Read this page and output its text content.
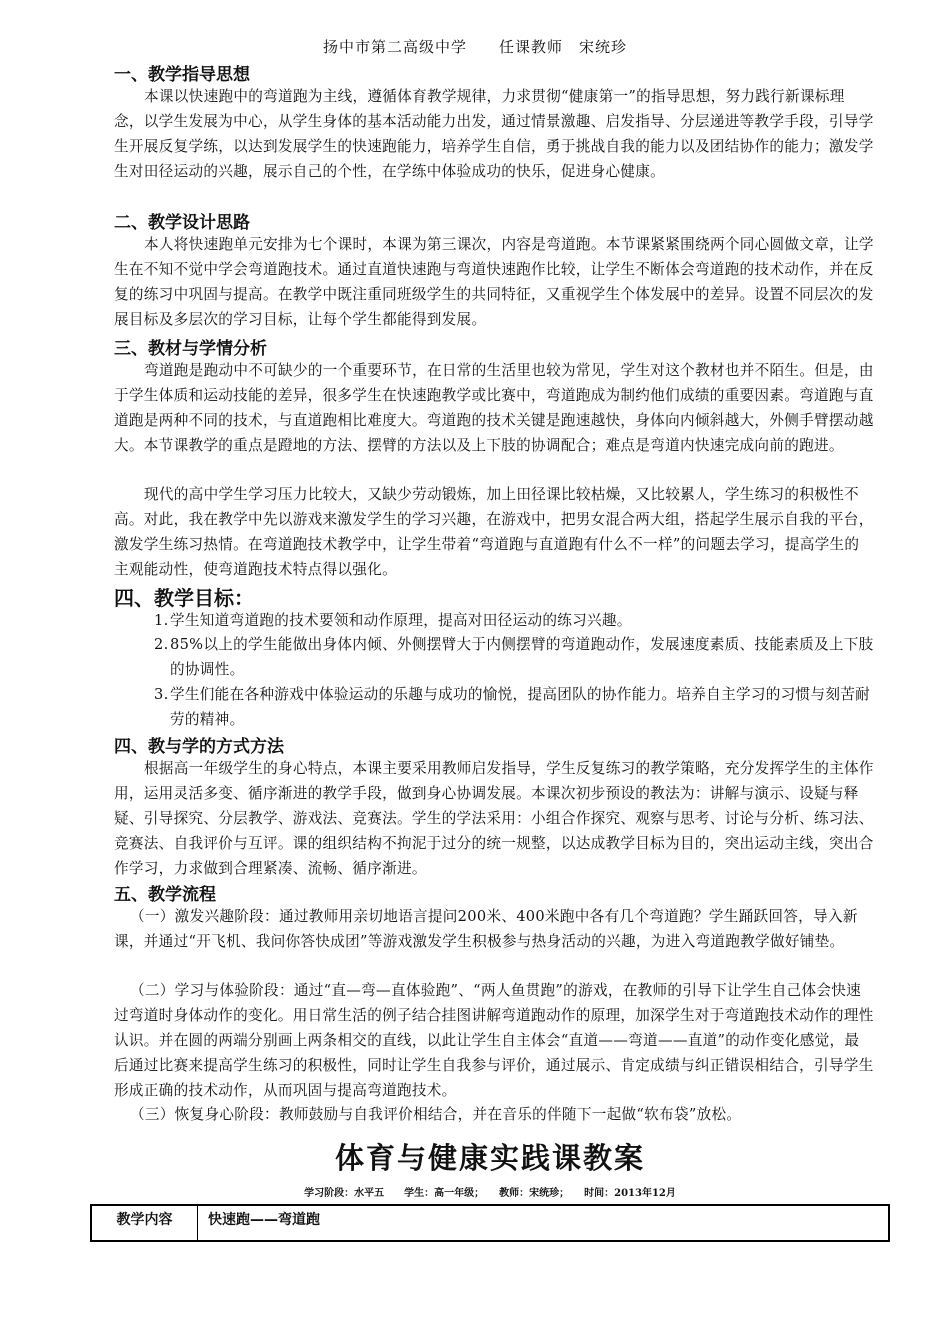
扬中市第二高级中学　　任课教师　宋统珍
一、教学指导思想
本课以快速跑中的弯道跑为主线，遵循体育教学规律，力求贯彻“健康第一”的指导思想，努力践行新课标理念，以学生发展为中心，从学生身体的基本活动能力出发，通过情景激趣、启发指导、分层递进等教学手段，引导学生开展反复学练，以达到发展学生的快速跑能力，培养学生自信，勇于挑战自我的能力以及团结协作的能力；激发学生对田径运动的兴趣，展示自己的个性，在学练中体验成功的快乐，促进身心健康。
二、教学设计思路
本人将快速跑单元安排为七个课时，本课为第三课次，内容是弯道跑。本节课紧紧围绕两个同心圆做文章，让学生在不知不觉中学会弯道跑技术。通过直道快速跑与弯道快速跑作比较，让学生不断体会弯道跑的技术动作，并在反复的练习中巩固与提高。在教学中既注重同班级学生的共同特征，又重视学生个体发展中的差异。设置不同层次的发展目标及多层次的学习目标，让每个学生都能得到发展。
三、教材与学情分析
弯道跑是跑动中不可缺少的一个重要环节，在日常的生活里也较为常见，学生对这个教材也并不陌生。但是，由于学生体质和运动技能的差异，很多学生在快速跑教学或比赛中，弯道跑成为制约他们成绩的重要因素。弯道跑与直道跑是两种不同的技术，与直道跑相比难度大。弯道跑的技术关键是跑速越快，身体向内倾斜越大，外侧手臂摆动越大。本节课教学的重点是蹬地的方法、摆臂的方法以及上下肢的协调配合；难点是弯道内快速完成向前的跑进。
现代的高中学生学习压力比较大，又缺少劳动锻炼，加上田径课比较枯燥，又比较累人，学生练习的积极性不高。对此，我在教学中先以游戏来激发学生的学习兴趣，在游戏中，把男女混合两大组，搭起学生展示自我的平台，激发学生练习热情。在弯道跑技术教学中，让学生带着“弯道跑与直道跑有什么不一样”的问题去学习，提高学生的主观能动性，使弯道跑技术特点得以强化。
四、教学目标：
1. 学生知道弯道跑的技术要领和动作原理，提高对田径运动的练习兴趣。
2. 85%以上的学生能做出身体内倾、外侧摆臂大于内侧摆臂的弯道跑动作，发展速度素质、技能素质及上下肢的协调性。
3. 学生们能在各种游戏中体验运动的乐趣与成功的愉悦，提高团队的协作能力。培养自主学习的习惯与刻苦耐劳的精神。
四、教与学的方式方法
根据高一年级学生的身心特点，本课主要采用教师启发指导，学生反复练习的教学策略，充分发挥学生的主体作用，运用灵活多变、循序渐进的教学手段，做到身心协调发展。本课次初步预设的教法为：讲解与演示、设疑与释疑、引导探究、分层教学、游戏法、竞赛法。学生的学法采用：小组合作探究、观察与思考、讨论与分析、练习法、竞赛法、自我评价与互评。课的组织结构不拘泥于过分的统一规整，以达成教学目标为目的，突出运动主线，突出合作学习，力求做到合理紧凑、流畅、循序渐进。
五、教学流程
（一）激发兴趣阶段：通过教师用亲切地语言提问200米、400米跑中各有几个弯道跑？学生踊跃回答，导入新课，并通过“开飞机、我问你答快成团”等游戏激发学生积极参与热身活动的兴趣，为进入弯道跑教学做好铺垫。
（二）学习与体验阶段：通过“直—弯—直体验跑”、“两人鱼贯跑”的游戏，在教师的引导下让学生自己体会快速过弯道时身体动作的变化。用日常生活的例子结合挂图讲解弯道跑动作的原理，加深学生对于弯道跑技术动作的理性认识。并在圆的两端分别画上两条相交的直线，以此让学生自主体会“直道——弯道——直道”的动作变化感觉，最后通过比赛来提高学生练习的积极性，同时让学生自我参与评价，通过展示、肯定成绩与纠正错误相结合，引导学生形成正确的技术动作，从而巩固与提高弯道跑技术。
（三）恢复身心阶段：教师鼓励与自我评价相结合，并在音乐的伴随下一起做“软布袋”放松。
体育与健康实践课教案
学习阶段：水平五　　学生：高一年级；　　教师：宋统珍；　　时间：2013年12月
教学内容	快速跑——弯道跑
